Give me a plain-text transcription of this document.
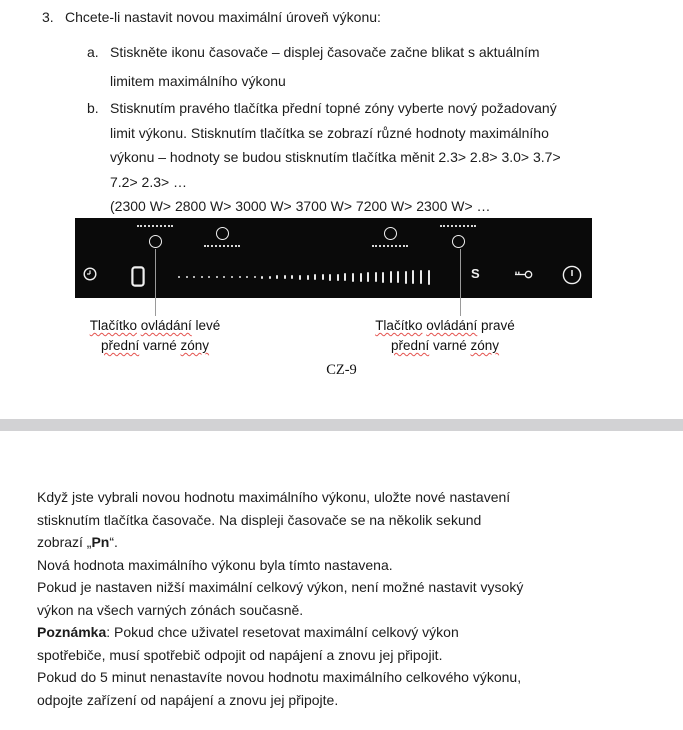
3. Chcete-li nastavit novou maximální úroveň výkonu:
a. Stiskněte ikonu časovače – displej časovače začne blikat s aktuálním
limitem maximálního výkonu
b. Stisknutím pravého tlačítka přední topné zóny vyberte nový požadovaný
limit výkonu. Stisknutím tlačítka se zobrazí různé hodnoty maximálního
výkonu – hodnoty se budou stisknutím tlačítka měnit 2.3> 2.8> 3.0> 3.7>
7.2> 2.3> …
(2300 W> 2800 W> 3000 W> 3700 W> 7200 W> 2300 W> …
S
Tlačítko ovládání levé
přední varné zóny
Tlačítko ovládání pravé
přední varné zóny
CZ-9
Když jste vybrali novou hodnotu maximálního výkonu, uložte nové nastavení
stisknutím tlačítka časovače. Na displeji časovače se na několik sekund
zobrazí „Pn“.
Nová hodnota maximálního výkonu byla tímto nastavena.
Pokud je nastaven nižší maximální celkový výkon, není možné nastavit vysoký
výkon na všech varných zónách současně.
Poznámka: Pokud chce uživatel resetovat maximální celkový výkon
spotřebiče, musí spotřebič odpojit od napájení a znovu jej připojit.
Pokud do 5 minut nenastavíte novou hodnotu maximálního celkového výkonu,
odpojte zařízení od napájení a znovu jej připojte.
